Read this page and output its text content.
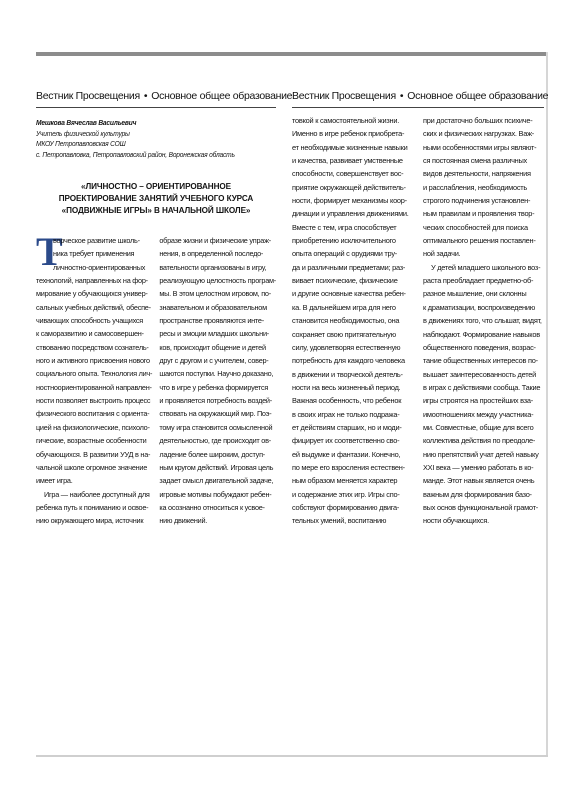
Вестник Просвещения • Основное общее образование
Мешкова Вячеслав Васильевич
Учитель физической культуры
МКОУ Петропавловская СОШ
с. Петропавловка, Петропавловский район, Воронежская область
«ЛИЧНОСТНО – ОРИЕНТИРОВАННОЕ
ПРОЕКТИРОВАНИЕ ЗАНЯТИЙ УЧЕБНОГО КУРСА
«ПОДВИЖНЫЕ ИГРЫ» В НАЧАЛЬНОЙ ШКОЛЕ»
Т
ворческое развитие школь-
ника требует применения
личностно-ориентированных
технологий, направленных на фор-
мирование у обучающихся универ-
сальных учебных действий, обеспе-
чивающих способность учащихся
к саморазвитию и самосовершен-
ствованию посредством сознатель-
ного и активного присвоения нового
социального опыта. Технология лич-
ностноориентированной направлен-
ности позволяет выстроить процесс
физического воспитания с ориента-
цией на физиологические, психоло-
гические, возрастные особенности
обучающихся. В развитии УУД в на-
чальной школе огромное значение
имеет игра.
Игра — наиболее доступный для
ребенка путь к пониманию и освое-
нию окружающего мира, источник
образе жизни и физические упраж-
нения, в определенной последо-
вательности организованы в игру,
реализующую целостность програм-
мы. В этом целостном игровом, по-
знавательном и образовательном
пространстве проявляются инте-
ресы и эмоции младших школьни-
ков, происходит общение и детей
друг с другом и с учителем, совер-
шаются поступки. Научно доказано,
что в игре у ребенка формируется
и проявляется потребность воздей-
ствовать на окружающий мир. Поэ-
тому игра становится осмысленной
деятельностью, где происходит ов-
ладение более широким, доступ-
ным кругом действий. Игровая цель
задает смысл двигательной задаче,
игровые мотивы побуждают ребен-
ка осознанно относиться к усвое-
нию движений.
Вестник Просвещения • Основное общее образование
товкой к самостоятельной жизни.
Именно в игре ребенок приобрета-
ет необходимые жизненные навыки
и качества, развивает умственные
способности, совершенствует вос-
приятие окружающей действитель-
ности, формирует механизмы коор-
динации и управления движениями.
Вместе с тем, игра способствует
приобретению исключительного
опыта операций с орудиями тру-
да и различными предметами; раз-
вивает психические, физические
и другие основные качества ребен-
ка. В дальнейшем игра для него
становится необходимостью, она
сохраняет свою притягательную
силу, удовлетворяя естественную
потребность для каждого человека
в движении и творческой деятель-
ности на весь жизненный период.
Важная особенность, что ребенок
в своих играх не только подража-
ет действиям старших, но и моди-
фицирует их соответственно сво-
ей выдумке и фантазии. Конечно,
по мере его взросления естествен-
ным образом меняется характер
и содержание этих игр. Игры спо-
собствуют формированию двига-
тельных умений, воспитанию
при достаточно больших психиче-
ских и физических нагрузках. Важ-
ными особенностями игры являют-
ся постоянная смена различных
видов деятельности, напряжения
и расслабления, необходимость
строгого подчинения установлен-
ным правилам и проявления твор-
ческих способностей для поиска
оптимального решения поставлен-
ной задачи.
У детей младшего школьного воз-
раста преобладает предметно-об-
разное мышление, они склонны
к драматизации, воспроизведению
в движениях того, что слышат, видят,
наблюдают. Формирование навыков
общественного поведения, возрас-
тание общественных интересов по-
вышает заинтересованность детей
в играх с действиями сообща. Такие
игры строятся на простейших вза-
имоотношениях между участника-
ми. Совместные, общие для всего
коллектива действия по преодоле-
нию препятствий учат детей навыку
XXI века — умению работать в ко-
манде. Этот навык является очень
важным для формирования базо-
вых основ функциональной грамот-
ности обучающихся.
